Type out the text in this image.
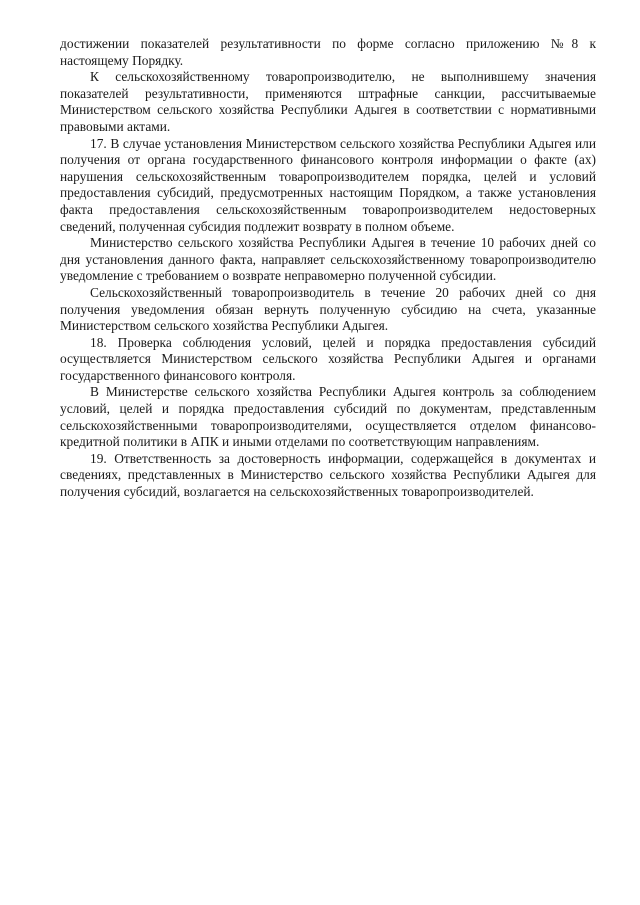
достижении показателей результативности по форме согласно приложению №8 к настоящему Порядку.

К сельскохозяйственному товаропроизводителю, не выполнившему значения показателей результативности, применяются штрафные санкции, рассчитываемые Министерством сельского хозяйства Республики Адыгея в соответствии с нормативными правовыми актами.

17. В случае установления Министерством сельского хозяйства Республики Адыгея или получения от органа государственного финансового контроля информации о факте (ах) нарушения сельскохозяйственным товаропроизводителем порядка, целей и условий предоставления субсидий, предусмотренных настоящим Порядком, а также установления факта предоставления сельскохозяйственным товаропроизводителем недостоверных сведений, полученная субсидия подлежит возврату в полном объеме.

Министерство сельского хозяйства Республики Адыгея в течение 10 рабочих дней со дня установления данного факта, направляет сельскохозяйственному товаропроизводителю уведомление с требованием о возврате неправомерно полученной субсидии.

Сельскохозяйственный товаропроизводитель в течение 20 рабочих дней со дня получения уведомления обязан вернуть полученную субсидию на счета, указанные Министерством сельского хозяйства Республики Адыгея.

18. Проверка соблюдения условий, целей и порядка предоставления субсидий осуществляется Министерством сельского хозяйства Республики Адыгея и органами государственного финансового контроля.

В Министерстве сельского хозяйства Республики Адыгея контроль за соблюдением условий, целей и порядка предоставления субсидий по документам, представленным сельскохозяйственными товаропроизводителями, осуществляется отделом финансово-кредитной политики в АПК и иными отделами по соответствующим направлениям.

19. Ответственность за достоверность информации, содержащейся в документах и сведениях, представленных в Министерство сельского хозяйства Республики Адыгея для получения субсидий, возлагается на сельскохозяйственных товаропроизводителей.
